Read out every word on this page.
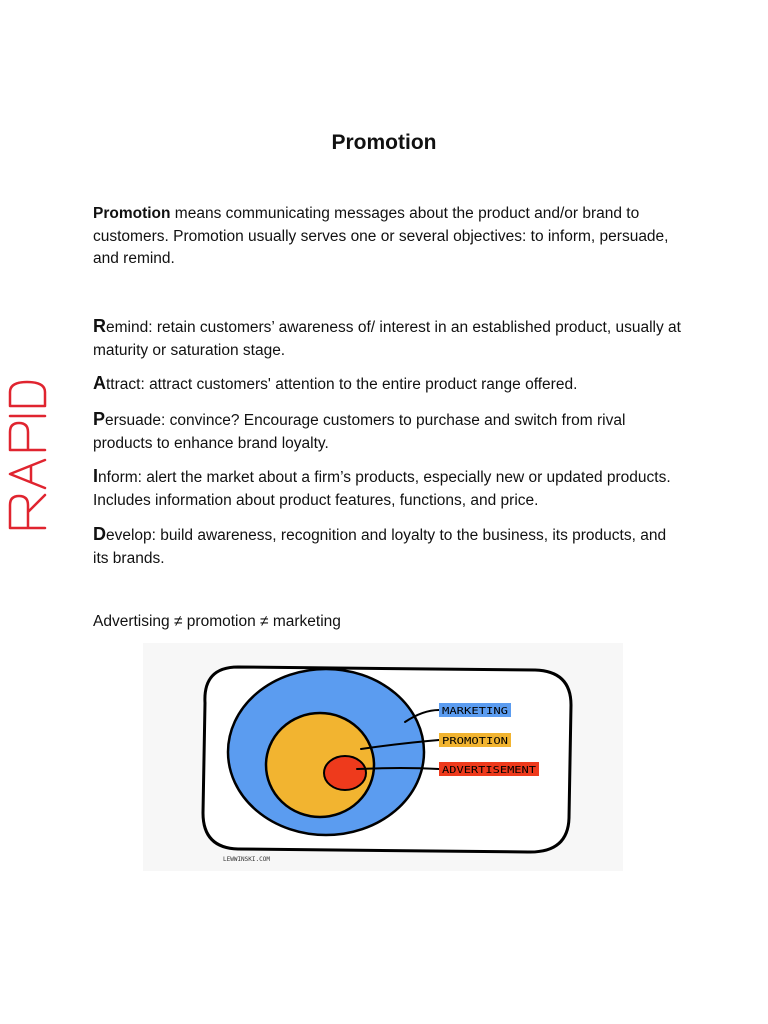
Promotion

Promotion means communicating messages about the product and/or brand to customers. Promotion usually serves one or several objectives: to inform, persuade, and remind.

Remind: retain customers’ awareness of/ interest in an established product, usually at maturity or saturation stage.

Attract: attract customers' attention to the entire product range offered.

Persuade: convince? Encourage customers to purchase and switch from rival products to enhance brand loyalty.

Inform: alert the market about a firm’s products, especially new or updated products. Includes information about product features, functions, and price.

Develop: build awareness, recognition and loyalty to the business, its products, and its brands.

Advertising ≠ promotion ≠ marketing

MARKETING
PROMOTION
ADVERTISEMENT
LEWWINSKI.COM
